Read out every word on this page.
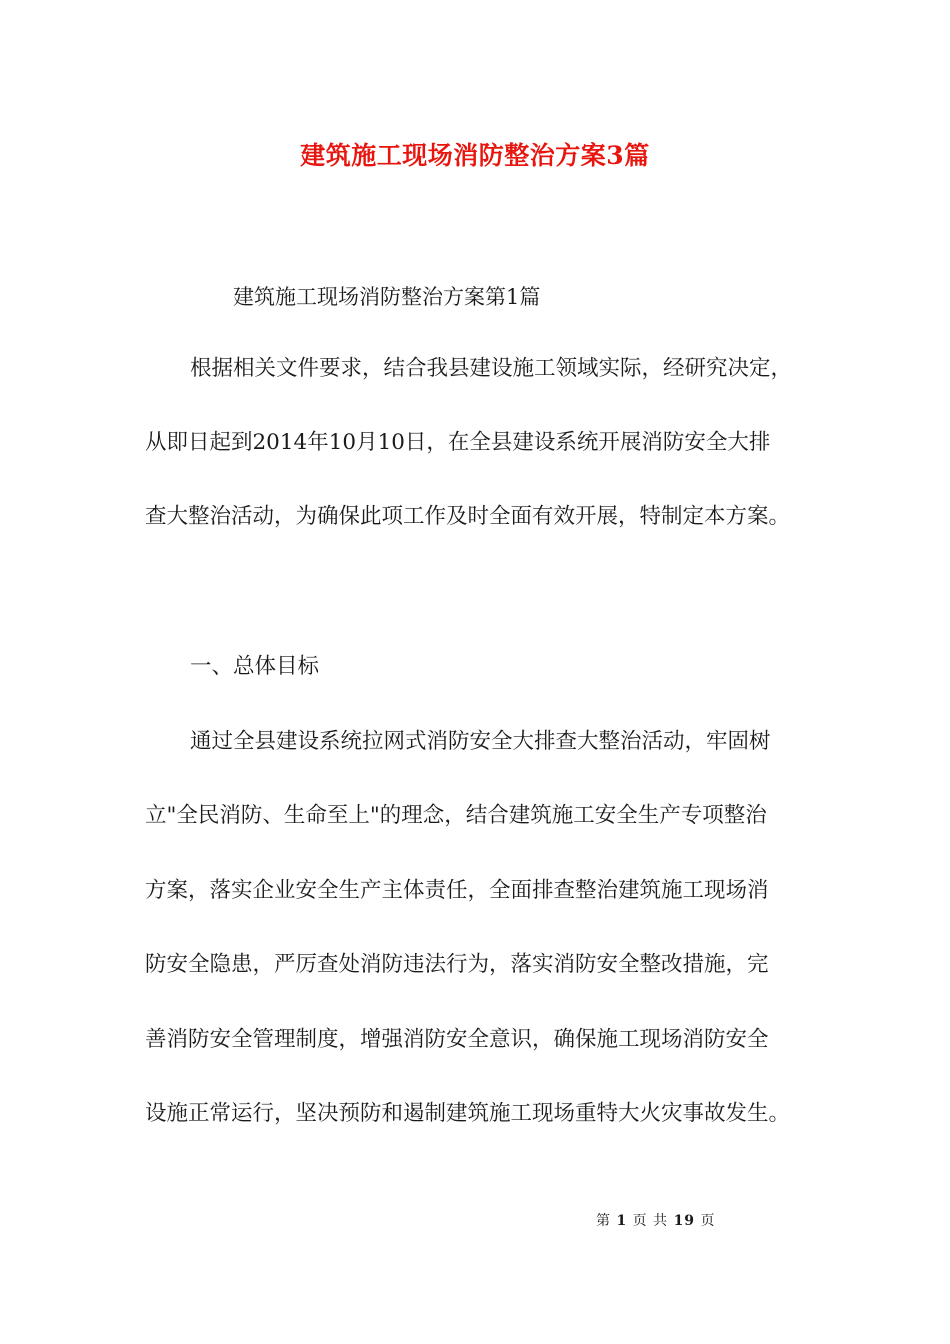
建筑施工现场消防整治方案3篇
建筑施工现场消防整治方案第1篇
根据相关文件要求，结合我县建设施工领域实际，经研究决定，
从即日起到2014年10月10日，在全县建设系统开展消防安全大排
查大整治活动，为确保此项工作及时全面有效开展，特制定本方案。
一、总体目标
通过全县建设系统拉网式消防安全大排查大整治活动，牢固树
立"全民消防、生命至上"的理念，结合建筑施工安全生产专项整治
方案，落实企业安全生产主体责任，全面排查整治建筑施工现场消
防安全隐患，严厉查处消防违法行为，落实消防安全整改措施，完
善消防安全管理制度，增强消防安全意识，确保施工现场消防安全
设施正常运行，坚决预防和遏制建筑施工现场重特大火灾事故发生。
第 1 页 共 19 页
